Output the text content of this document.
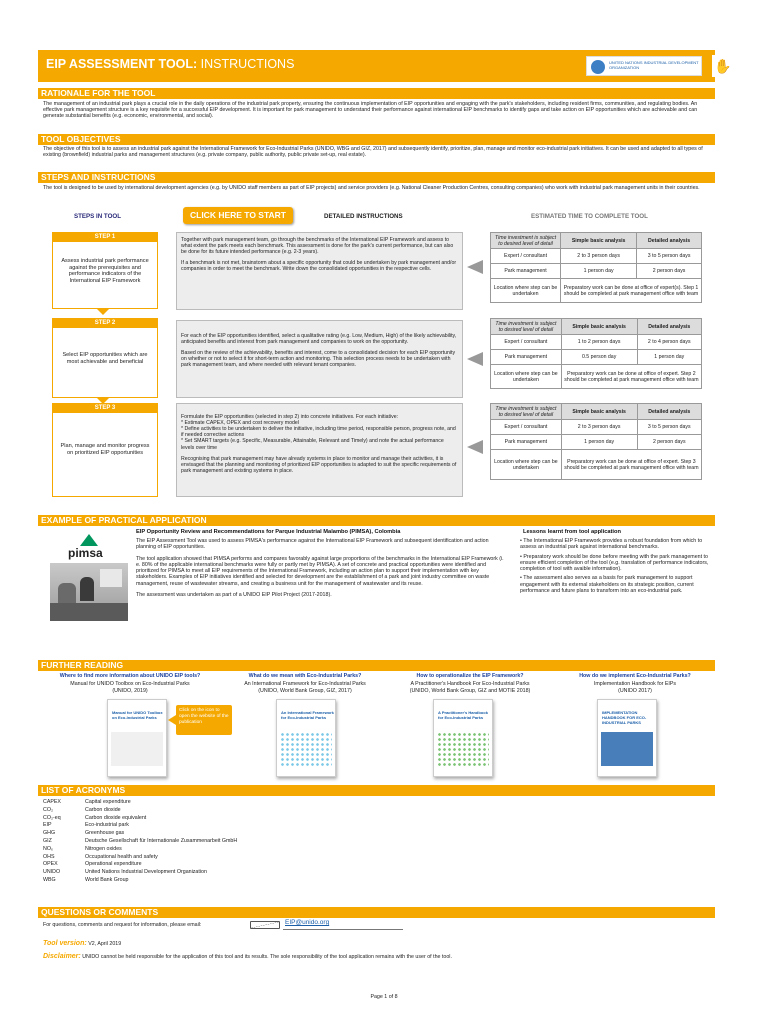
EIP ASSESSMENT TOOL: INSTRUCTIONS	UNITED NATIONS INDUSTRIAL DEVELOPMENT ORGANIZATION	✋
RATIONALE FOR THE TOOL
The management of an industrial park plays a crucial role in the daily operations of the industrial park property, ensuring the continuous implementation of EIP opportunities and engaging with the park's stakeholders, including resident firms, communities, and regulating bodies. An effective park management structure is a key requisite for a successful EIP development. It is important for park management to understand their performance against international EIP benchmarks to identify gaps and take action on EIP opportunities which are achievable and can generate substantial benefits (e.g. economic, environmental, and social).
TOOL OBJECTIVES
The objective of this tool is to assess an industrial park against the International Framework for Eco-Industrial Parks (UNIDO, WBG and GIZ, 2017) and subsequently identify, prioritize, plan, manage and monitor eco-industrial park initiatives. It can be used and adapted to all types of existing (brownfield) industrial parks and management structures (e.g. private company, public authority, public private set-up, real estate).
STEPS AND INSTRUCTIONS
The tool is designed to be used by international development agencies (e.g. by UNIDO staff members as part of EIP projects) and service providers (e.g. National Cleaner Production Centres, consulting companies) who work with industrial park management units in their countries.
STEPS IN TOOL	CLICK HERE TO START	DETAILED INSTRUCTIONS	ESTIMATED TIME TO COMPLETE TOOL
STEP 1
Assess industrial park performance against the prerequisites and performance indicators of the International EIP Framework

Together with park management team, go through the benchmarks of the International EIP Framework and assess to what extent the park meets each benchmark. This assessment is done for the park's current performance, but can also be done for its future intended performance (e.g. 2-3 years).

If a benchmark is not met, brainstorm about a specific opportunity that could be undertaken by park management and/or companies in order to meet the benchmark. Write down the consolidated opportunities in the respective cells.

Time investment is subject to desired level of detail	Simple basic analysis	Detailed analysis
Expert / consultant	2 to 3 person days	3 to 5 person days
Park management	1 person day	2 person days
Location where step can be undertaken	Preparatory work can be done at office of expert(s). Step 1 should be completed at park management office with team	
STEP 2
Select EIP opportunities which are most achievable and beneficial

For each of the EIP opportunities identified, select a qualitative rating (e.g. Low, Medium, High) of the likely achievability, anticipated benefits and interest from park management and companies to work on the opportunity.

Based on the review of the achievability, benefits and interest, come to a consolidated decision for each EIP opportunity on whether or not to select it for short-term action and monitoring. This selection process needs to be undertaken with park management team, and where needed with relevant tenant companies.

Time investment is subject to desired level of detail	Simple basic analysis	Detailed analysis
Expert / consultant	1 to 2 person days	2 to 4 person days
Park management	0.5 person day	1 person day
Location where step can be undertaken	Preparatory work can be done at office of expert. Step 2 should be completed at park management office with team	
STEP 3
Plan, manage and monitor progress on prioritized EIP opportunities

Formulate the EIP opportunities (selected in step 2) into concrete initiatives. For each initiative:
* Estimate CAPEX, OPEX and cost recovery model
* Define activities to be undertaken to deliver the initiative, including time period, responsible person, progress note, and if needed corrective actions
* Set SMART targets (e.g. Specific, Measurable, Attainable, Relevant and Timely) and note the actual performance levels over time

Recognising that park management may have already systems in place to monitor and manage their activities, it is envisaged that the planning and monitoring of prioritized EIP opportunities is adapted to suit the specific requirements of park management and existing systems in place.

Time investment is subject to desired level of detail	Simple basic analysis	Detailed analysis
Expert / consultant	2 to 3 person days	3 to 5 person days
Park management	1 person day	2 person days
Location where step can be undertaken	Preparatory work can be done at office of expert. Step 3 should be completed at park management office with team	
EXAMPLE OF PRACTICAL APPLICATION
pimsa
EIP Opportunity Review and Recommendations for Parque Industrial Malambo (PIMSA), Colombia

The EIP Assessment Tool was used to assess PIMSA's performance against the International EIP Framework and subsequent identification and action planning of EIP opportunities.

The tool application showed that PIMSA performs and compares favorably against large proportions of the benchmarks in the International EIP Framework (i. e. 80% of the applicable international benchmarks were fully or partly met by PIMSA). A set of concrete and practical opportunities were identified and prioritized for PIMSA to meet all EIP requirements of the International Framework, including an action plan to support their implementation with key stakeholders. Examples of EIP initiatives identified and selected for development are the establishment of a park and joint industry committee on waste management, reuse of wastewater streams, and creating a business unit for the management of wastewater and its reuse.

The assessment was undertaken as part of a UNIDO EIP Pilot Project (2017-2018).

Lessons learnt from tool application

• The International EIP Framework provides a robust foundation from which to assess an industrial park against international benchmarks.

• Preparatory work should be done before meeting with the park management to ensure efficient completion of the tool (e.g. translation of performance indicators, completion of tool with avaible information).

• The assessment also serves as a basis for park management to support engagement with its external stakeholders on its strategic position, current performance and future plans to transform into an eco-industrial park.

FURTHER READING
Where to find more information about UNIDO EIP tools?
Manual for UNIDO Toolbox on Eco-Industrial Parks
(UNIDO, 2019)
Manual for UNIDO Toolbox on Eco-Industrial Parks
Click on the icon to open the website of the publication
What do we mean with Eco-Industrial Parks?
An International Framework for Eco-Industrial Parks
(UNIDO, World Bank Group, GIZ, 2017)
An International Framework for Eco-Industrial Parks
How to operationalize the EIP Framework?
A Practitioner's Handbook For Eco-Industrial Parks
(UNIDO, World Bank Group, GIZ and MOTIE 2018)
A Practitioner's Handbook for Eco-Industrial Parks
How do we implement Eco-Industrial Parks?
Implementation Handbook for EIPs
(UNIDO 2017)
IMPLEMENTATION HANDBOOK FOR ECO-INDUSTRIAL PARKS
LIST OF ACRONYMS
CAPEX	Capital expenditure
CO₂	Carbon dioxide
CO₂-eq	Carbon dioxide equivalent
EIP	Eco-industrial park
GHG	Greenhouse gas
GIZ	Deutsche Gesellschaft für Internationale Zusammenarbeit GmbH
NOₓ	Nitrogen oxides
OHS	Occupational health and safety
OPEX	Operational expenditure
UNIDO	United Nations Industrial Development Organization
WBG	World Bank Group
QUESTIONS OR COMMENTS
For questions, comments and request for information, please email:	EIP@unido.org
Tool version: V2, April 2019
Disclaimer: UNIDO cannot be held responsible for the application of this tool and its results. The sole responsibility of the tool application remains with the user of the tool.
Page 1 of 8
